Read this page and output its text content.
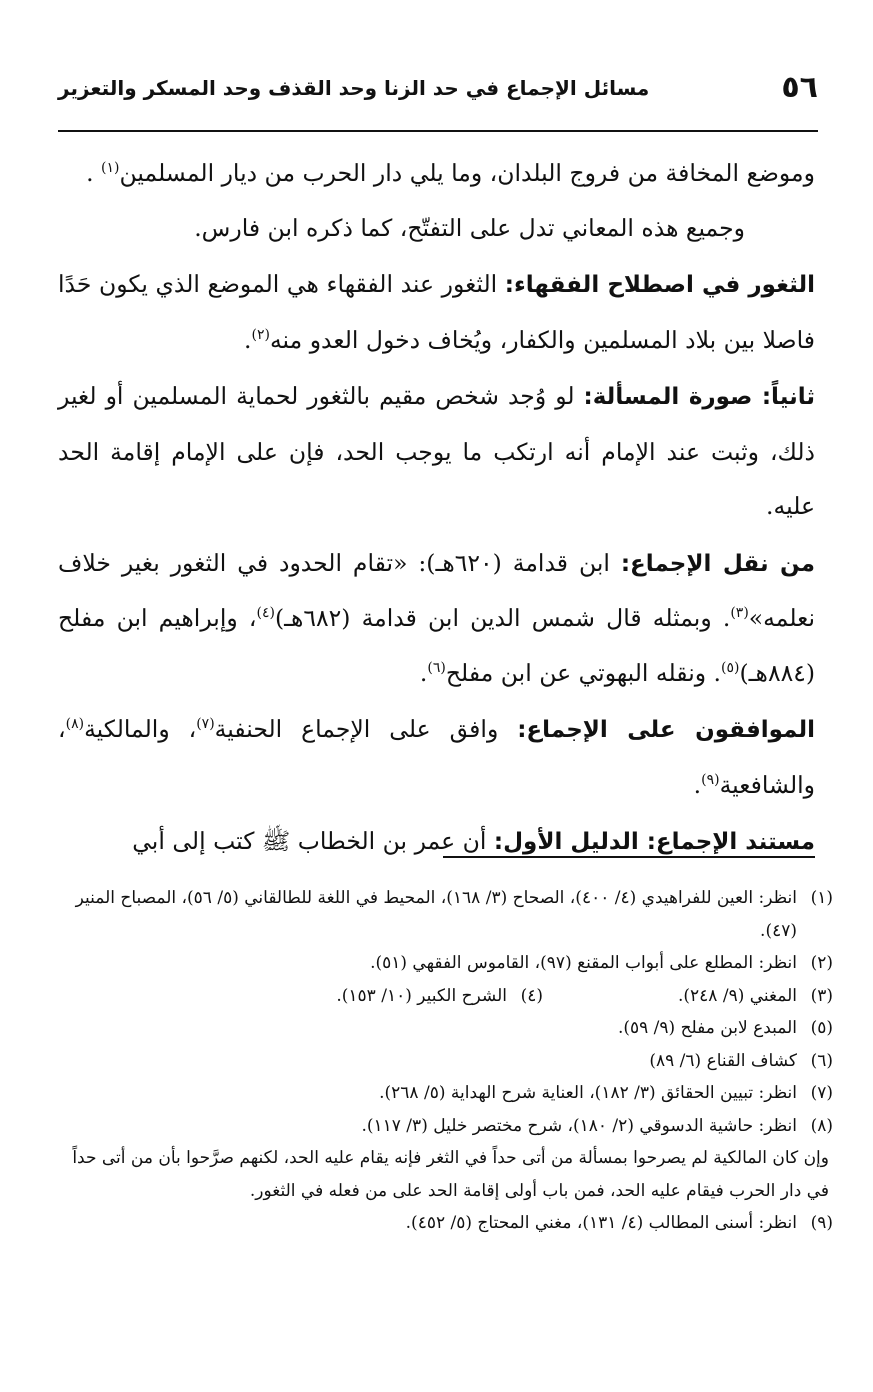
٥٦
مسائل الإجماع في حد الزنا وحد القذف وحد المسكر والتعزير

وموضع المخافة من فروج البلدان، وما يلي دار الحرب من ديار المسلمين$^{(١)}$ .

وجميع هذه المعاني تدل على التفتّح، كما ذكره ابن فارس.

الثغور في اصطلاح الفقهاء: الثغور عند الفقهاء هي الموضع الذي يكون حَدًا فاصلا بين بلاد المسلمين والكفار، ويُخاف دخول العدو منه$^{(٢)}$.

ثانياً: صورة المسألة: لو وُجد شخص مقيم بالثغور لحماية المسلمين أو لغير ذلك، وثبت عند الإمام أنه ارتكب ما يوجب الحد، فإن على الإمام إقامة الحد عليه.

من نقل الإجماع: ابن قدامة (٦٢٠هـ): «تقام الحدود في الثغور بغير خلاف نعلمه»$^{(٣)}$. وبمثله قال شمس الدين ابن قدامة (٦٨٢هـ)$^{(٤)}$، وإبراهيم ابن مفلح (٨٨٤هـ)$^{(٥)}$. ونقله البهوتي عن ابن مفلح$^{(٦)}$.

الموافقون على الإجماع: وافق على الإجماع الحنفية$^{(٧)}$، والمالكية$^{(٨)}$، والشافعية$^{(٩)}$.

مستند الإجماع: الدليل الأول: أن عمر بن الخطاب ﷺ كتب إلى أبي

(١)
انظر: العين للفراهيدي (٤/ ٤٠٠)، الصحاح (٣/ ١٦٨)، المحيط في اللغة للطالقاني (٥/ ٥٦)، المصباح المنير (٤٧).
(٢)
انظر: المطلع على أبواب المقنع (٩٧)، القاموس الفقهي (٥١).
(٣)
المغني (٩/ ٢٤٨).
(٤)
الشرح الكبير (١٠/ ١٥٣).
(٥)
المبدع لابن مفلح (٩/ ٥٩).
(٦)
كشاف القناع (٦/ ٨٩)
(٧)
انظر: تبيين الحقائق (٣/ ١٨٢)، العناية شرح الهداية (٥/ ٢٦٨).
(٨)
انظر: حاشية الدسوقي (٢/ ١٨٠)، شرح مختصر خليل (٣/ ١١٧).
وإن كان المالكية لم يصرحوا بمسألة من أتى حداً في الثغر فإنه يقام عليه الحد، لكنهم صرَّحوا بأن من أتى حداً في دار الحرب فيقام عليه الحد، فمن باب أولى إقامة الحد على من فعله في الثغور.
(٩)
انظر: أسنى المطالب (٤/ ١٣١)، مغني المحتاج (٥/ ٤٥٢).
